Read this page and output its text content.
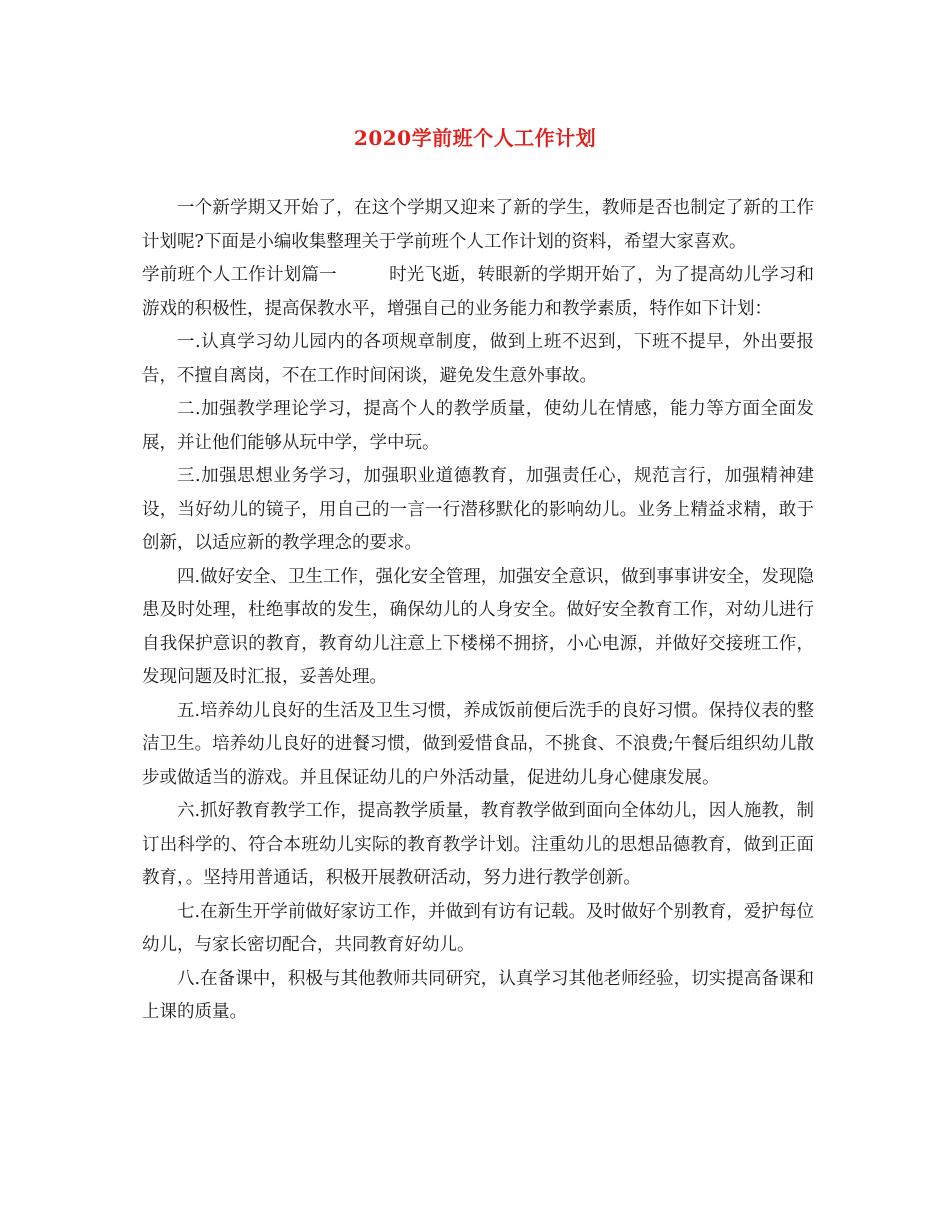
2020学前班个人工作计划

一个新学期又开始了，在这个学期又迎来了新的学生，教师是否也制定了新的工作计划呢?下面是小编收集整理关于学前班个人工作计划的资料，希望大家喜欢。

学前班个人工作计划篇一	时光飞逝，转眼新的学期开始了，为了提高幼儿学习和游戏的积极性，提高保教水平，增强自己的业务能力和教学素质，特作如下计划：

一.认真学习幼儿园内的各项规章制度，做到上班不迟到，下班不提早，外出要报告，不擅自离岗，不在工作时间闲谈，避免发生意外事故。

二.加强教学理论学习，提高个人的教学质量，使幼儿在情感，能力等方面全面发展，并让他们能够从玩中学，学中玩。

三.加强思想业务学习，加强职业道德教育，加强责任心，规范言行，加强精神建设，当好幼儿的镜子，用自己的一言一行潜移默化的影响幼儿。业务上精益求精，敢于创新，以适应新的教学理念的要求。

四.做好安全、卫生工作，强化安全管理，加强安全意识，做到事事讲安全，发现隐患及时处理，杜绝事故的发生，确保幼儿的人身安全。做好安全教育工作，对幼儿进行自我保护意识的教育，教育幼儿注意上下楼梯不拥挤，小心电源，并做好交接班工作，发现问题及时汇报，妥善处理。

五.培养幼儿良好的生活及卫生习惯，养成饭前便后洗手的良好习惯。保持仪表的整洁卫生。培养幼儿良好的进餐习惯，做到爱惜食品，不挑食、不浪费;午餐后组织幼儿散步或做适当的游戏。并且保证幼儿的户外活动量，促进幼儿身心健康发展。

六.抓好教育教学工作，提高教学质量，教育教学做到面向全体幼儿，因人施教，制订出科学的、符合本班幼儿实际的教育教学计划。注重幼儿的思想品德教育，做到正面教育，。坚持用普通话，积极开展教研活动，努力进行教学创新。

七.在新生开学前做好家访工作，并做到有访有记载。及时做好个别教育，爱护每位幼儿，与家长密切配合，共同教育好幼儿。

八.在备课中，积极与其他教师共同研究，认真学习其他老师经验，切实提高备课和上课的质量。
